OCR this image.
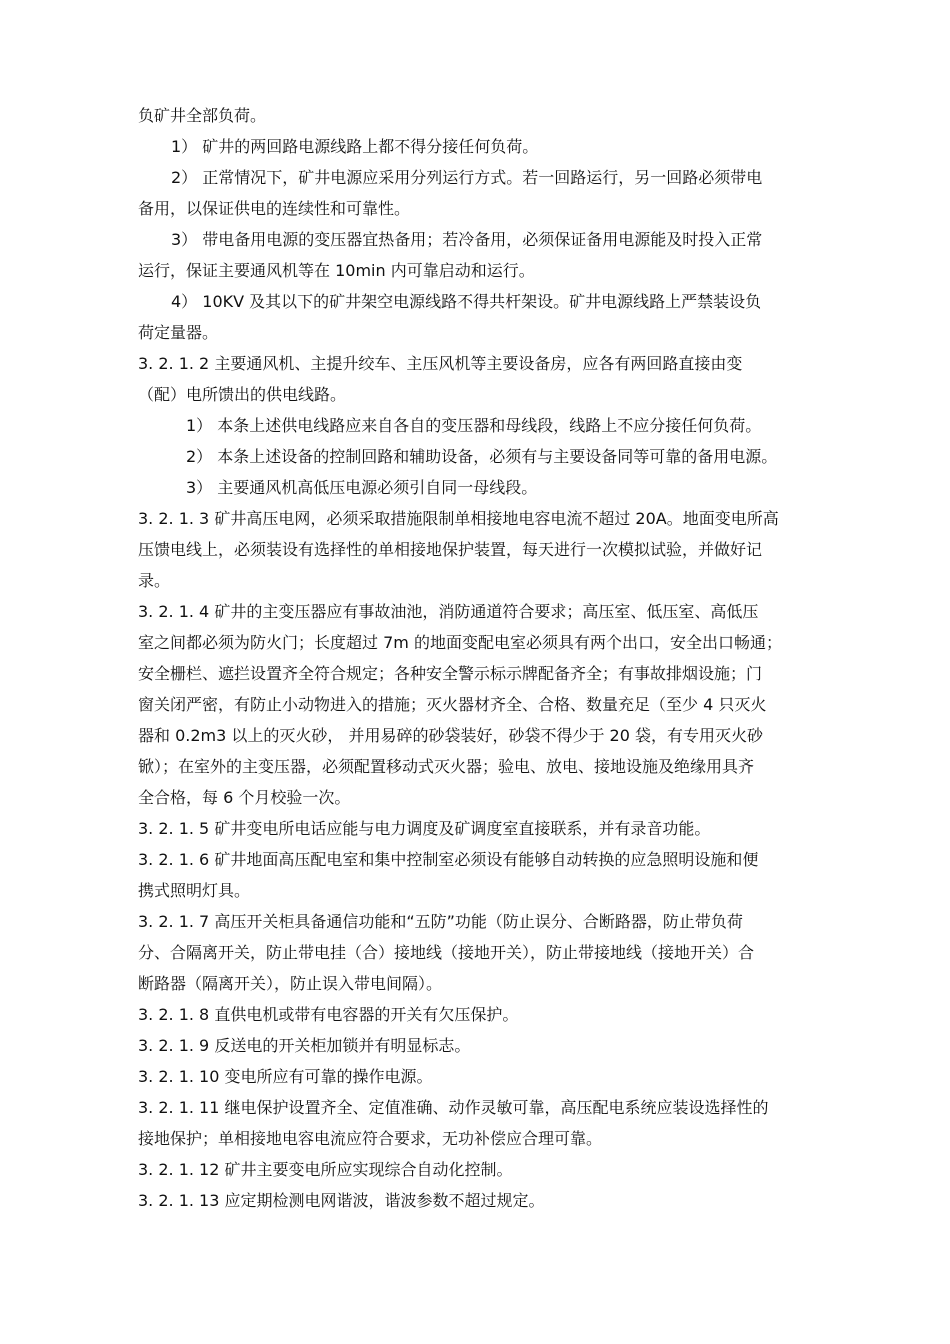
负矿井全部负荷。
1） 矿井的两回路电源线路上都不得分接任何负荷。
2） 正常情况下，矿井电源应采用分列运行方式。若一回路运行，另一回路必须带电
备用，以保证供电的连续性和可靠性。
3） 带电备用电源的变压器宜热备用；若冷备用，必须保证备用电源能及时投入正常
运行，保证主要通风机等在 10min 内可靠启动和运行。
4） 10KV 及其以下的矿井架空电源线路不得共杆架设。矿井电源线路上严禁装设负
荷定量器。
3. 2. 1. 2 主要通风机、主提升绞车、主压风机等主要设备房，应各有两回路直接由变
（配）电所馈出的供电线路。
1） 本条上述供电线路应来自各自的变压器和母线段，线路上不应分接任何负荷。
2） 本条上述设备的控制回路和辅助设备，必须有与主要设备同等可靠的备用电源。
3） 主要通风机高低压电源必须引自同一母线段。
3. 2. 1. 3 矿井高压电网，必须采取措施限制单相接地电容电流不超过 20A。地面变电所高
压馈电线上，必须装设有选择性的单相接地保护装置，每天进行一次模拟试验，并做好记
录。
3. 2. 1. 4 矿井的主变压器应有事故油池，消防通道符合要求；高压室、低压室、高低压
室之间都必须为防火门；长度超过 7m 的地面变配电室必须具有两个出口，安全出口畅通；
安全栅栏、遮拦设置齐全符合规定；各种安全警示标示牌配备齐全；有事故排烟设施；门
窗关闭严密，有防止小动物进入的措施；灭火器材齐全、合格、数量充足（至少 4 只灭火
器和 0.2m3 以上的灭火砂， 并用易碎的砂袋装好，砂袋不得少于 20 袋，有专用灭火砂
锨）；在室外的主变压器，必须配置移动式灭火器；验电、放电、接地设施及绝缘用具齐
全合格，每 6 个月校验一次。
3. 2. 1. 5 矿井变电所电话应能与电力调度及矿调度室直接联系，并有录音功能。
3. 2. 1. 6 矿井地面高压配电室和集中控制室必须设有能够自动转换的应急照明设施和便
携式照明灯具。
3. 2. 1. 7 高压开关柜具备通信功能和“五防”功能（防止误分、合断路器，防止带负荷
分、合隔离开关，防止带电挂（合）接地线（接地开关），防止带接地线（接地开关）合
断路器（隔离开关），防止误入带电间隔）。
3. 2. 1. 8 直供电机或带有电容器的开关有欠压保护。
3. 2. 1. 9 反送电的开关柜加锁并有明显标志。
3. 2. 1. 10 变电所应有可靠的操作电源。
3. 2. 1. 11 继电保护设置齐全、定值准确、动作灵敏可靠，高压配电系统应装设选择性的
接地保护；单相接地电容电流应符合要求，无功补偿应合理可靠。
3. 2. 1. 12 矿井主要变电所应实现综合自动化控制。
3. 2. 1. 13 应定期检测电网谐波，谐波参数不超过规定。
